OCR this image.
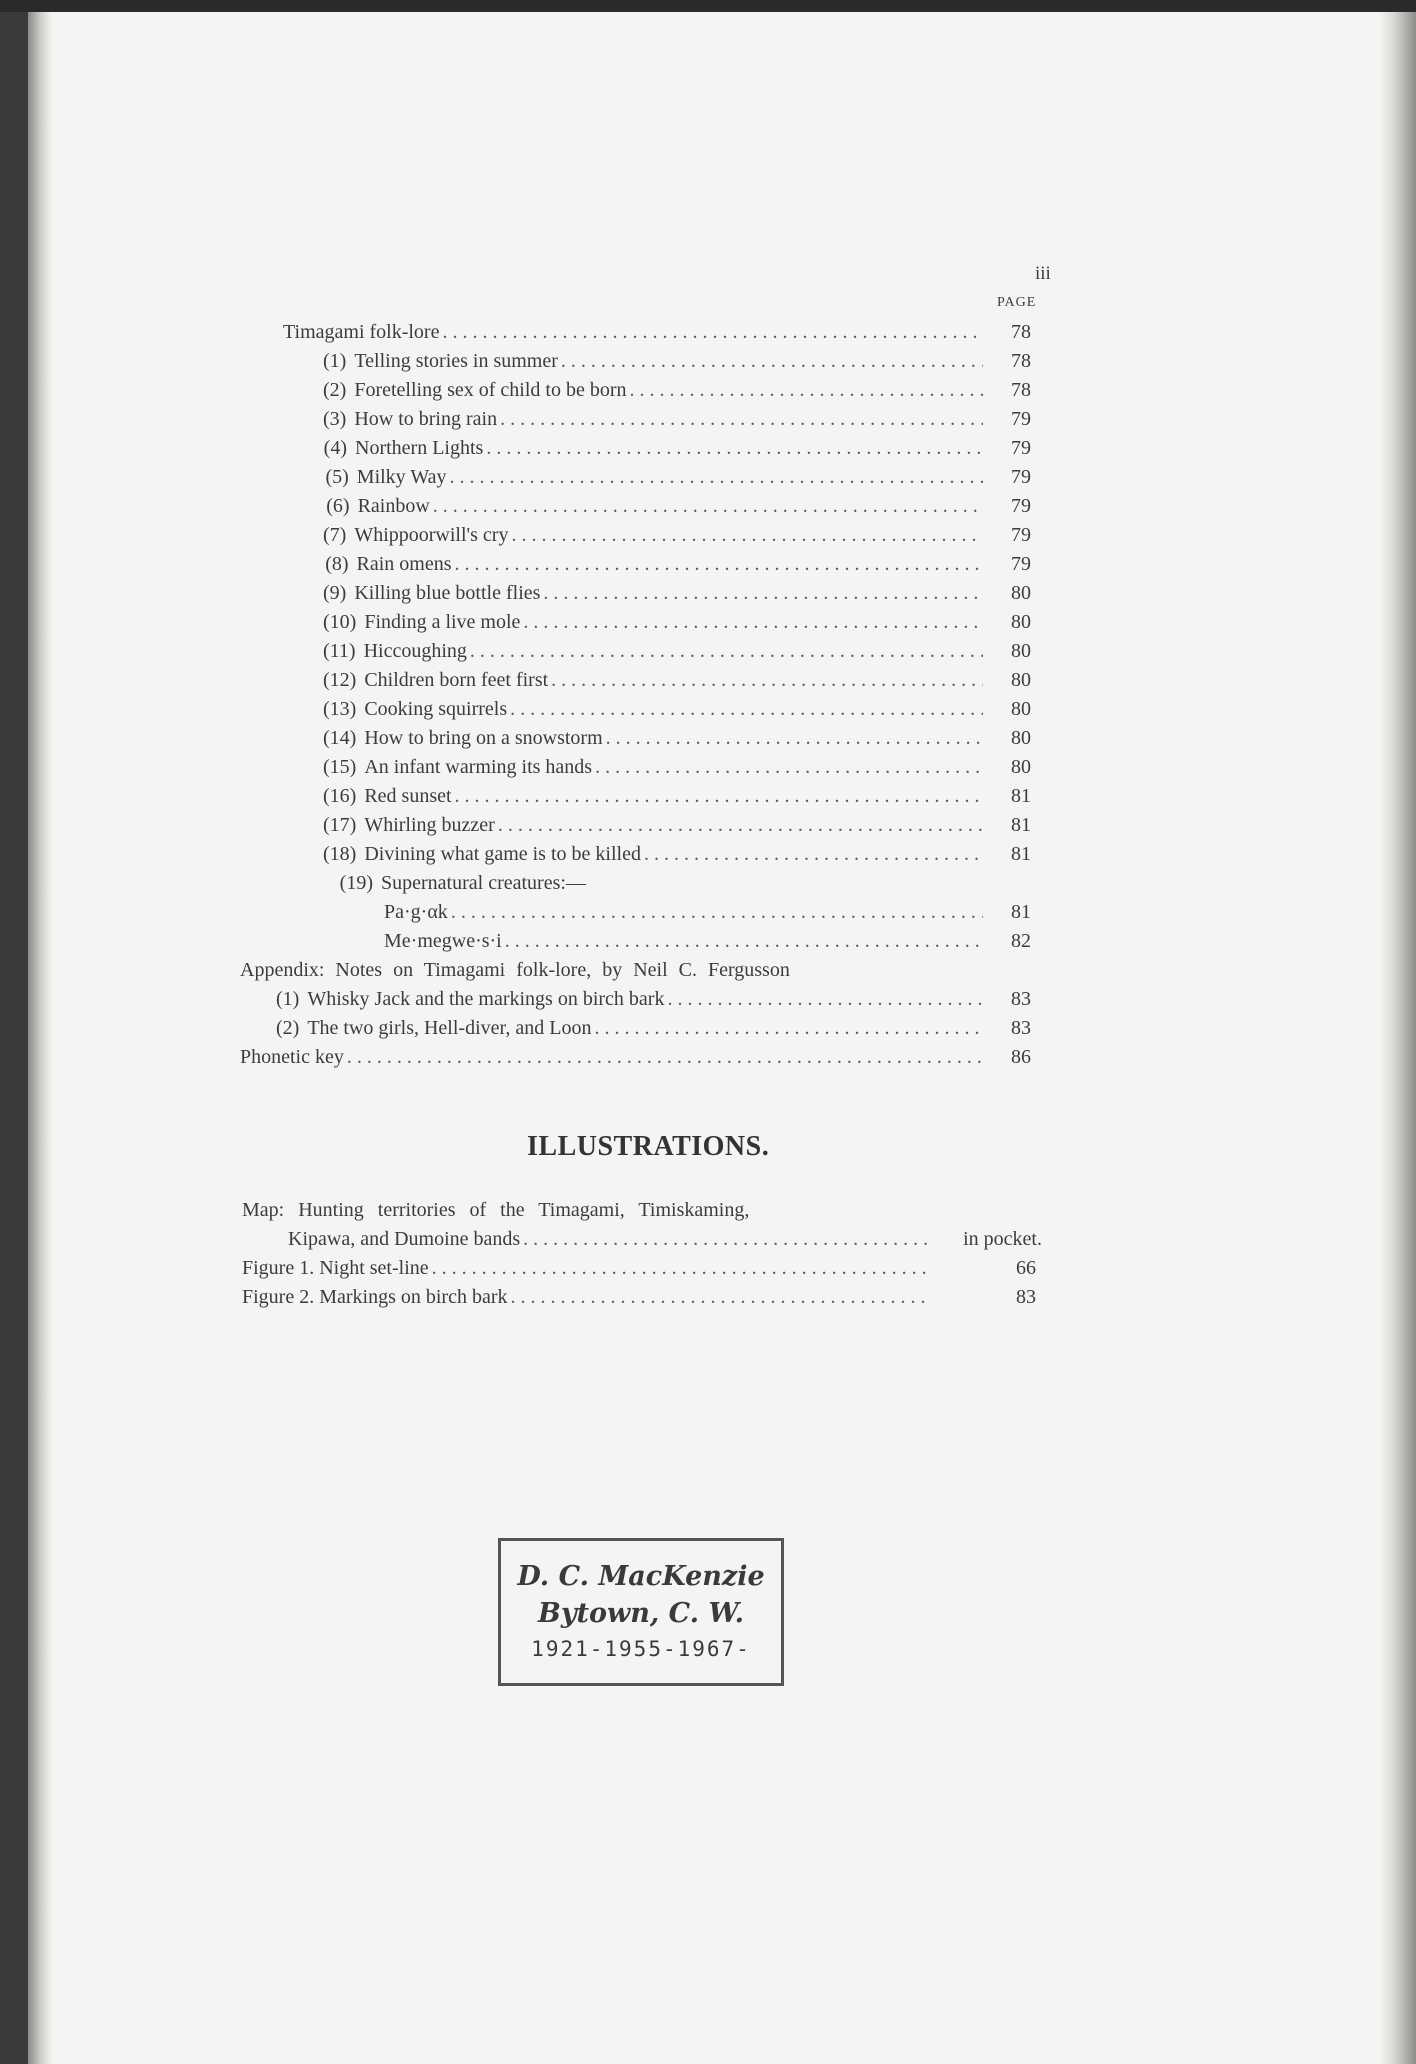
iii
PAGE
Timagami folk-lore . . .	78
(1) Telling stories in summer . . .	78
(2) Foretelling sex of child to be born . . .	78
(3) How to bring rain . . .	79
(4) Northern Lights . . .	79
(5) Milky Way . . .	79
(6) Rainbow . . .	79
(7) Whippoorwill's cry . . .	79
(8) Rain omens . . .	79
(9) Killing blue bottle flies . . .	80
(10) Finding a live mole . . .	80
(11) Hiccoughing . . .	80
(12) Children born feet first . . .	80
(13) Cooking squirrels . . .	80
(14) How to bring on a snowstorm . . .	80
(15) An infant warming its hands . . .	80
(16) Red sunset . . .	81
(17) Whirling buzzer . . .	81
(18) Divining what game is to be killed . . .	81
(19) Supernatural creatures:—
Pa·g·αk . . .	81
Me·megwe·s·i . . .	82
Appendix: Notes on Timagami folk-lore, by Neil C. Fergusson
(1) Whisky Jack and the markings on birch bark . . .	83
(2) The two girls, Hell-diver, and Loon . . .	83
Phonetic key . . .	86
ILLUSTRATIONS.
Map: Hunting territories of the Timagami, Timiskaming,
Kipawa, and Dumoine bands . . .	in pocket.
Figure 1. Night set-line . . .	66
Figure 2. Markings on birch bark . . .	83
D. C. MacKenzie
Bytown, C. W.
1921-1955-1967-
